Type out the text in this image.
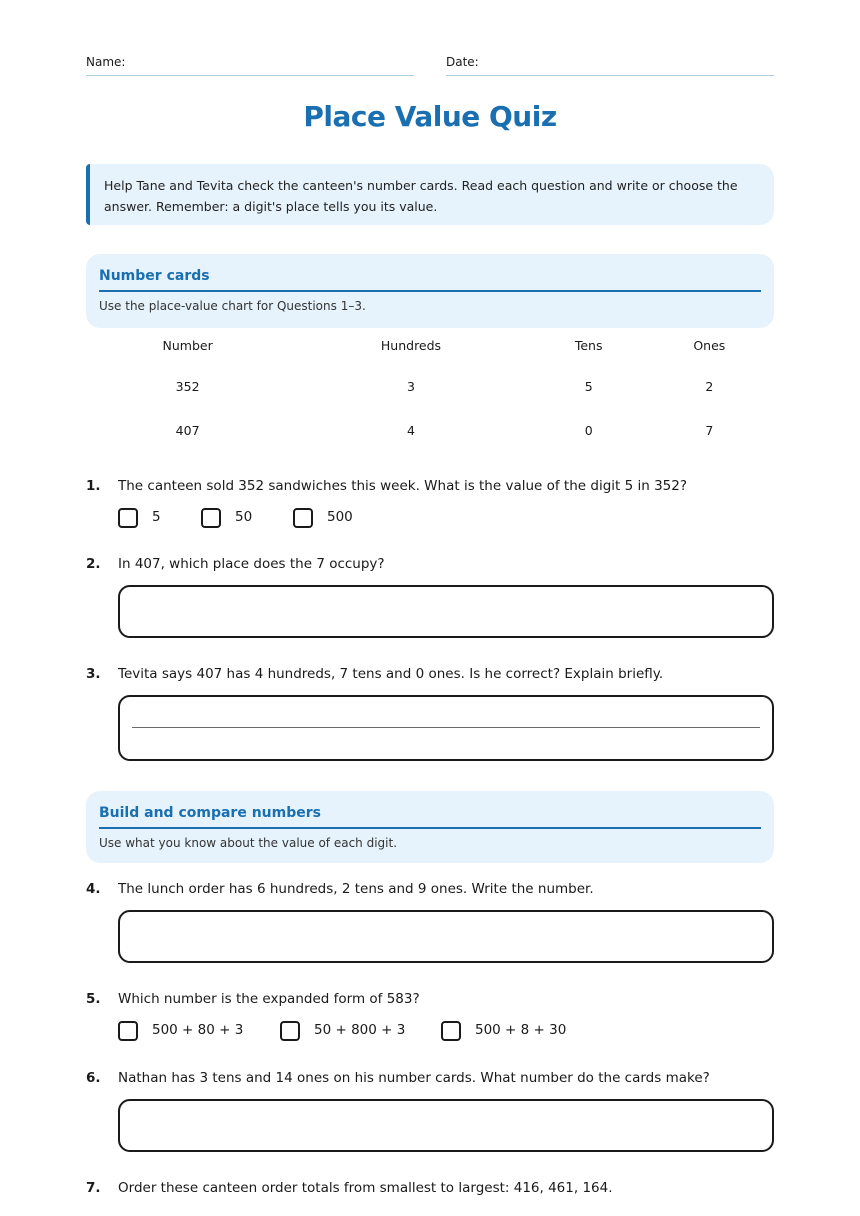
Name:	Date:
Place Value Quiz
Help Tane and Tevita check the canteen's number cards. Read each question and write or choose the answer. Remember: a digit's place tells you its value.
Number cards
Use the place-value chart for Questions 1–3.
Number	Hundreds	Tens	Ones
352	3	5	2
407	4	0	7
1. The canteen sold 352 sandwiches this week. What is the value of the digit 5 in 352?
5	50	500
2. In 407, which place does the 7 occupy?
3. Tevita says 407 has 4 hundreds, 7 tens and 0 ones. Is he correct? Explain briefly.
Build and compare numbers
Use what you know about the value of each digit.
4. The lunch order has 6 hundreds, 2 tens and 9 ones. Write the number.
5. Which number is the expanded form of 583?
500 + 80 + 3	50 + 800 + 3	500 + 8 + 30
6. Nathan has 3 tens and 14 ones on his number cards. What number do the cards make?
7. Order these canteen order totals from smallest to largest: 416, 461, 164.
